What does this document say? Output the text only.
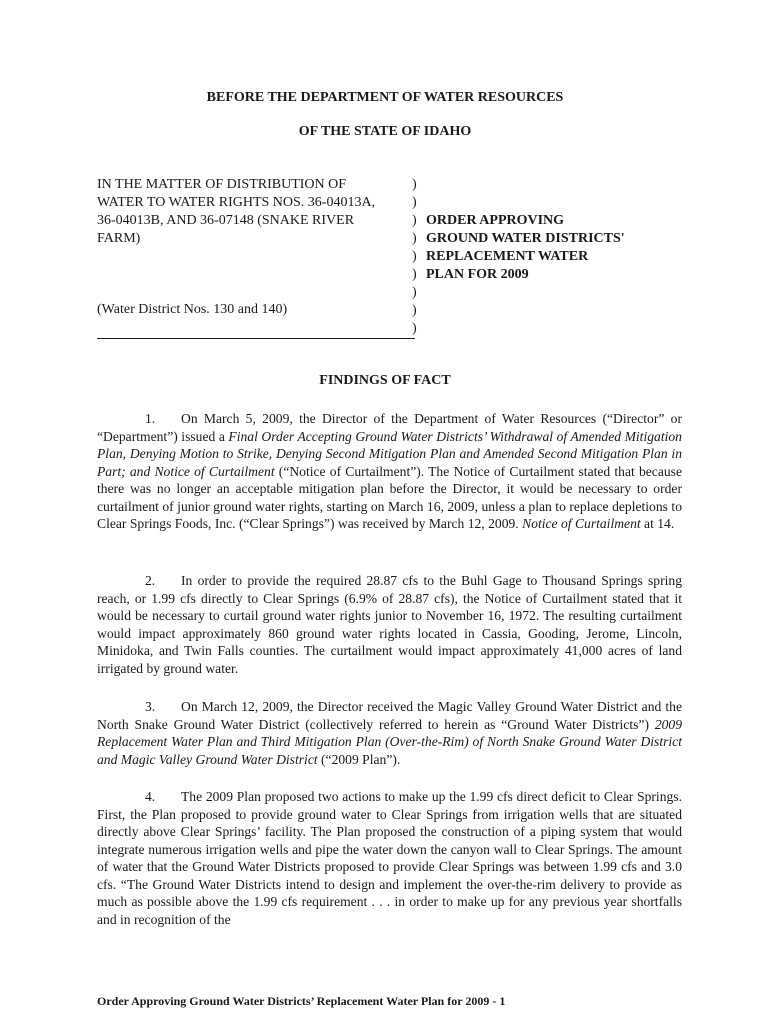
BEFORE THE DEPARTMENT OF WATER RESOURCES
OF THE STATE OF IDAHO
IN THE MATTER OF DISTRIBUTION OF
WATER TO WATER RIGHTS NOS. 36-04013A,
36-04013B, AND 36-07148 (SNAKE RIVER
FARM)
)
)
)
)
)
)
)
)
)
ORDER APPROVING
GROUND WATER DISTRICTS'
REPLACEMENT WATER
PLAN FOR 2009
(Water District Nos. 130 and 140)
FINDINGS OF FACT
1. On March 5, 2009, the Director of the Department of Water Resources (“Director” or “Department”) issued a Final Order Accepting Ground Water Districts’ Withdrawal of Amended Mitigation Plan, Denying Motion to Strike, Denying Second Mitigation Plan and Amended Second Mitigation Plan in Part; and Notice of Curtailment (“Notice of Curtailment”). The Notice of Curtailment stated that because there was no longer an acceptable mitigation plan before the Director, it would be necessary to order curtailment of junior ground water rights, starting on March 16, 2009, unless a plan to replace depletions to Clear Springs Foods, Inc. (“Clear Springs”) was received by March 12, 2009. Notice of Curtailment at 14.
2. In order to provide the required 28.87 cfs to the Buhl Gage to Thousand Springs spring reach, or 1.99 cfs directly to Clear Springs (6.9% of 28.87 cfs), the Notice of Curtailment stated that it would be necessary to curtail ground water rights junior to November 16, 1972. The resulting curtailment would impact approximately 860 ground water rights located in Cassia, Gooding, Jerome, Lincoln, Minidoka, and Twin Falls counties. The curtailment would impact approximately 41,000 acres of land irrigated by ground water.
3. On March 12, 2009, the Director received the Magic Valley Ground Water District and the North Snake Ground Water District (collectively referred to herein as “Ground Water Districts”) 2009 Replacement Water Plan and Third Mitigation Plan (Over-the-Rim) of North Snake Ground Water District and Magic Valley Ground Water District (“2009 Plan”).
4. The 2009 Plan proposed two actions to make up the 1.99 cfs direct deficit to Clear Springs. First, the Plan proposed to provide ground water to Clear Springs from irrigation wells that are situated directly above Clear Springs’ facility. The Plan proposed the construction of a piping system that would integrate numerous irrigation wells and pipe the water down the canyon wall to Clear Springs. The amount of water that the Ground Water Districts proposed to provide Clear Springs was between 1.99 cfs and 3.0 cfs. “The Ground Water Districts intend to design and implement the over-the-rim delivery to provide as much as possible above the 1.99 cfs requirement . . . in order to make up for any previous year shortfalls and in recognition of the
Order Approving Ground Water Districts’ Replacement Water Plan for 2009 - 1
